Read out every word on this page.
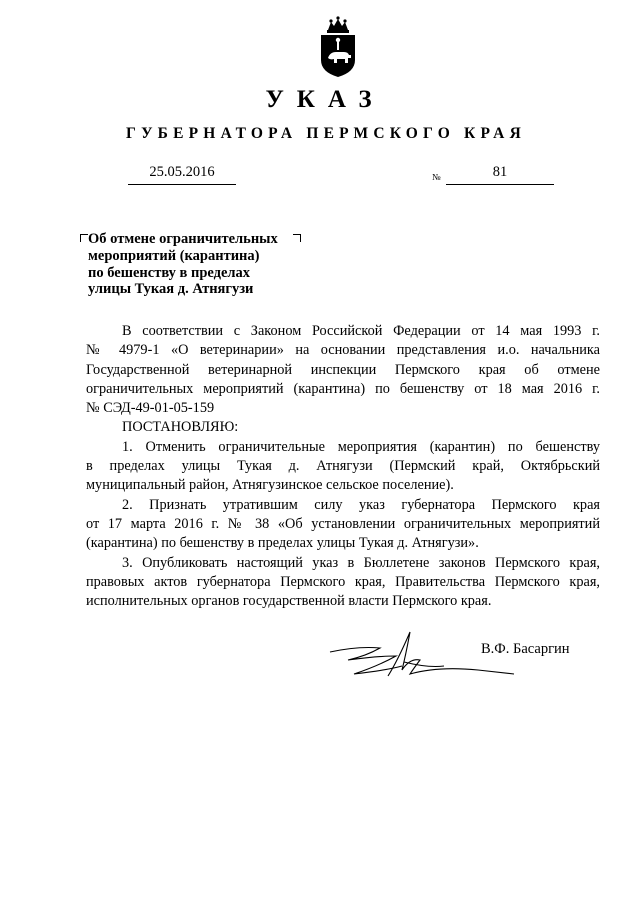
УКАЗ
ГУБЕРНАТОРА ПЕРМСКОГО КРАЯ
25.05.2016	№	81
Об отмене ограничительных
мероприятий (карантина)
по бешенству в пределах
улицы Тукая д. Атнягузи

В соответствии с Законом Российской Федерации от 14 мая 1993 г.

№ 4979-1 «О ветеринарии» на основании представления и.о. начальника

Государственной ветеринарной инспекции Пермского края об отмене

ограничительных мероприятий (карантина) по бешенству от 18 мая 2016 г.

№ СЭД-49-01-05-159

ПОСТАНОВЛЯЮ:

1. Отменить ограничительные мероприятия (карантин) по бешенству

в пределах улицы Тукая д. Атнягузи (Пермский край, Октябрьский

муниципальный район, Атнягузинское сельское поселение).

2. Признать утратившим силу указ губернатора Пермского края

от 17 марта 2016 г. № 38 «Об установлении ограничительных мероприятий

(карантина) по бешенству в пределах улицы Тукая д. Атнягузи».

3. Опубликовать настоящий указ в Бюллетене законов Пермского края,

правовых актов губернатора Пермского края, Правительства Пермского края,

исполнительных органов государственной власти Пермского края.

В.Ф. Басаргин
